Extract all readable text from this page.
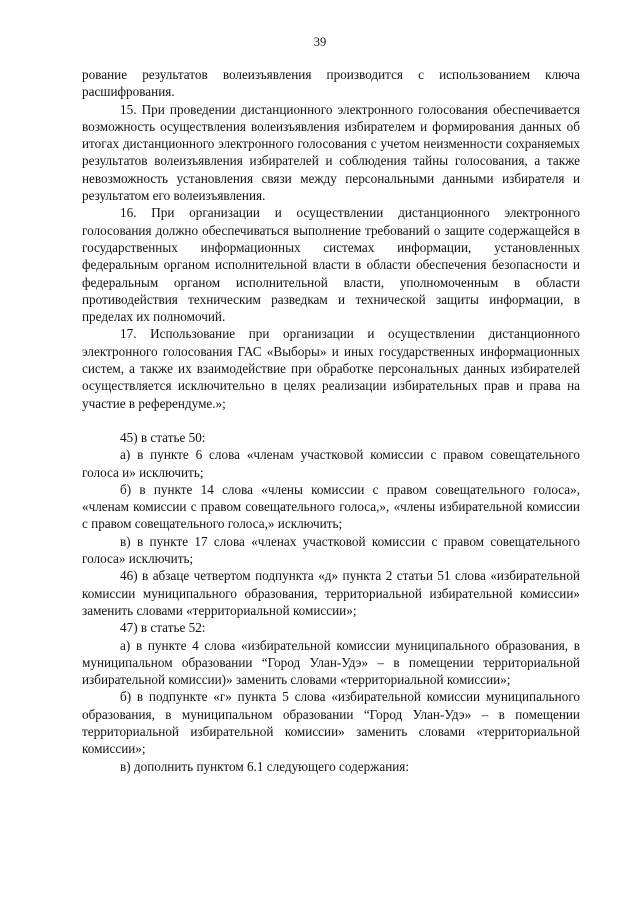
39

рование результатов волеизъявления производится с использованием ключа расшифрования.

15. При проведении дистанционного электронного голосования обеспечивается возможность осуществления волеизъявления избирателем и формирования данных об итогах дистанционного электронного голосования с учетом неизменности сохраняемых результатов волеизъявления избирателей и соблюдения тайны голосования, а также невозможность установления связи между персональными данными избирателя и результатом его волеизъявления.

16. При организации и осуществлении дистанционного электронного голосования должно обеспечиваться выполнение требований о защите содержащейся в государственных информационных системах информации, установленных федеральным органом исполнительной власти в области обеспечения безопасности и федеральным органом исполнительной власти, уполномоченным в области противодействия техническим разведкам и технической защиты информации, в пределах их полномочий.

17. Использование при организации и осуществлении дистанционного электронного голосования ГАС «Выборы» и иных государственных информационных систем, а также их взаимодействие при обработке персональных данных избирателей осуществляется исключительно в целях реализации избирательных прав и права на участие в референдуме.»;

45) в статье 50:

а) в пункте 6 слова «членам участковой комиссии с правом совещательного голоса и» исключить;

б) в пункте 14 слова «члены комиссии с правом совещательного голоса», «членам комиссии с правом совещательного голоса,», «члены избирательной комиссии с правом совещательного голоса,» исключить;

в) в пункте 17 слова «членах участковой комиссии с правом совещательного голоса» исключить;

46) в абзаце четвертом подпункта «д» пункта 2 статьи 51 слова «избирательной комиссии муниципального образования, территориальной избирательной комиссии» заменить словами «территориальной комиссии»;

47) в статье 52:

а) в пункте 4 слова «избирательной комиссии муниципального образования, в муниципальном образовании “Город Улан-Удэ» – в помещении территориальной избирательной комиссии)» заменить словами «территориальной комиссии»;

б) в подпункте «г» пункта 5 слова «избирательной комиссии муниципального образования, в муниципальном образовании “Город Улан-Удэ» – в помещении территориальной избирательной комиссии» заменить словами «территориальной комиссии»;

в) дополнить пунктом 6.1 следующего содержания:
